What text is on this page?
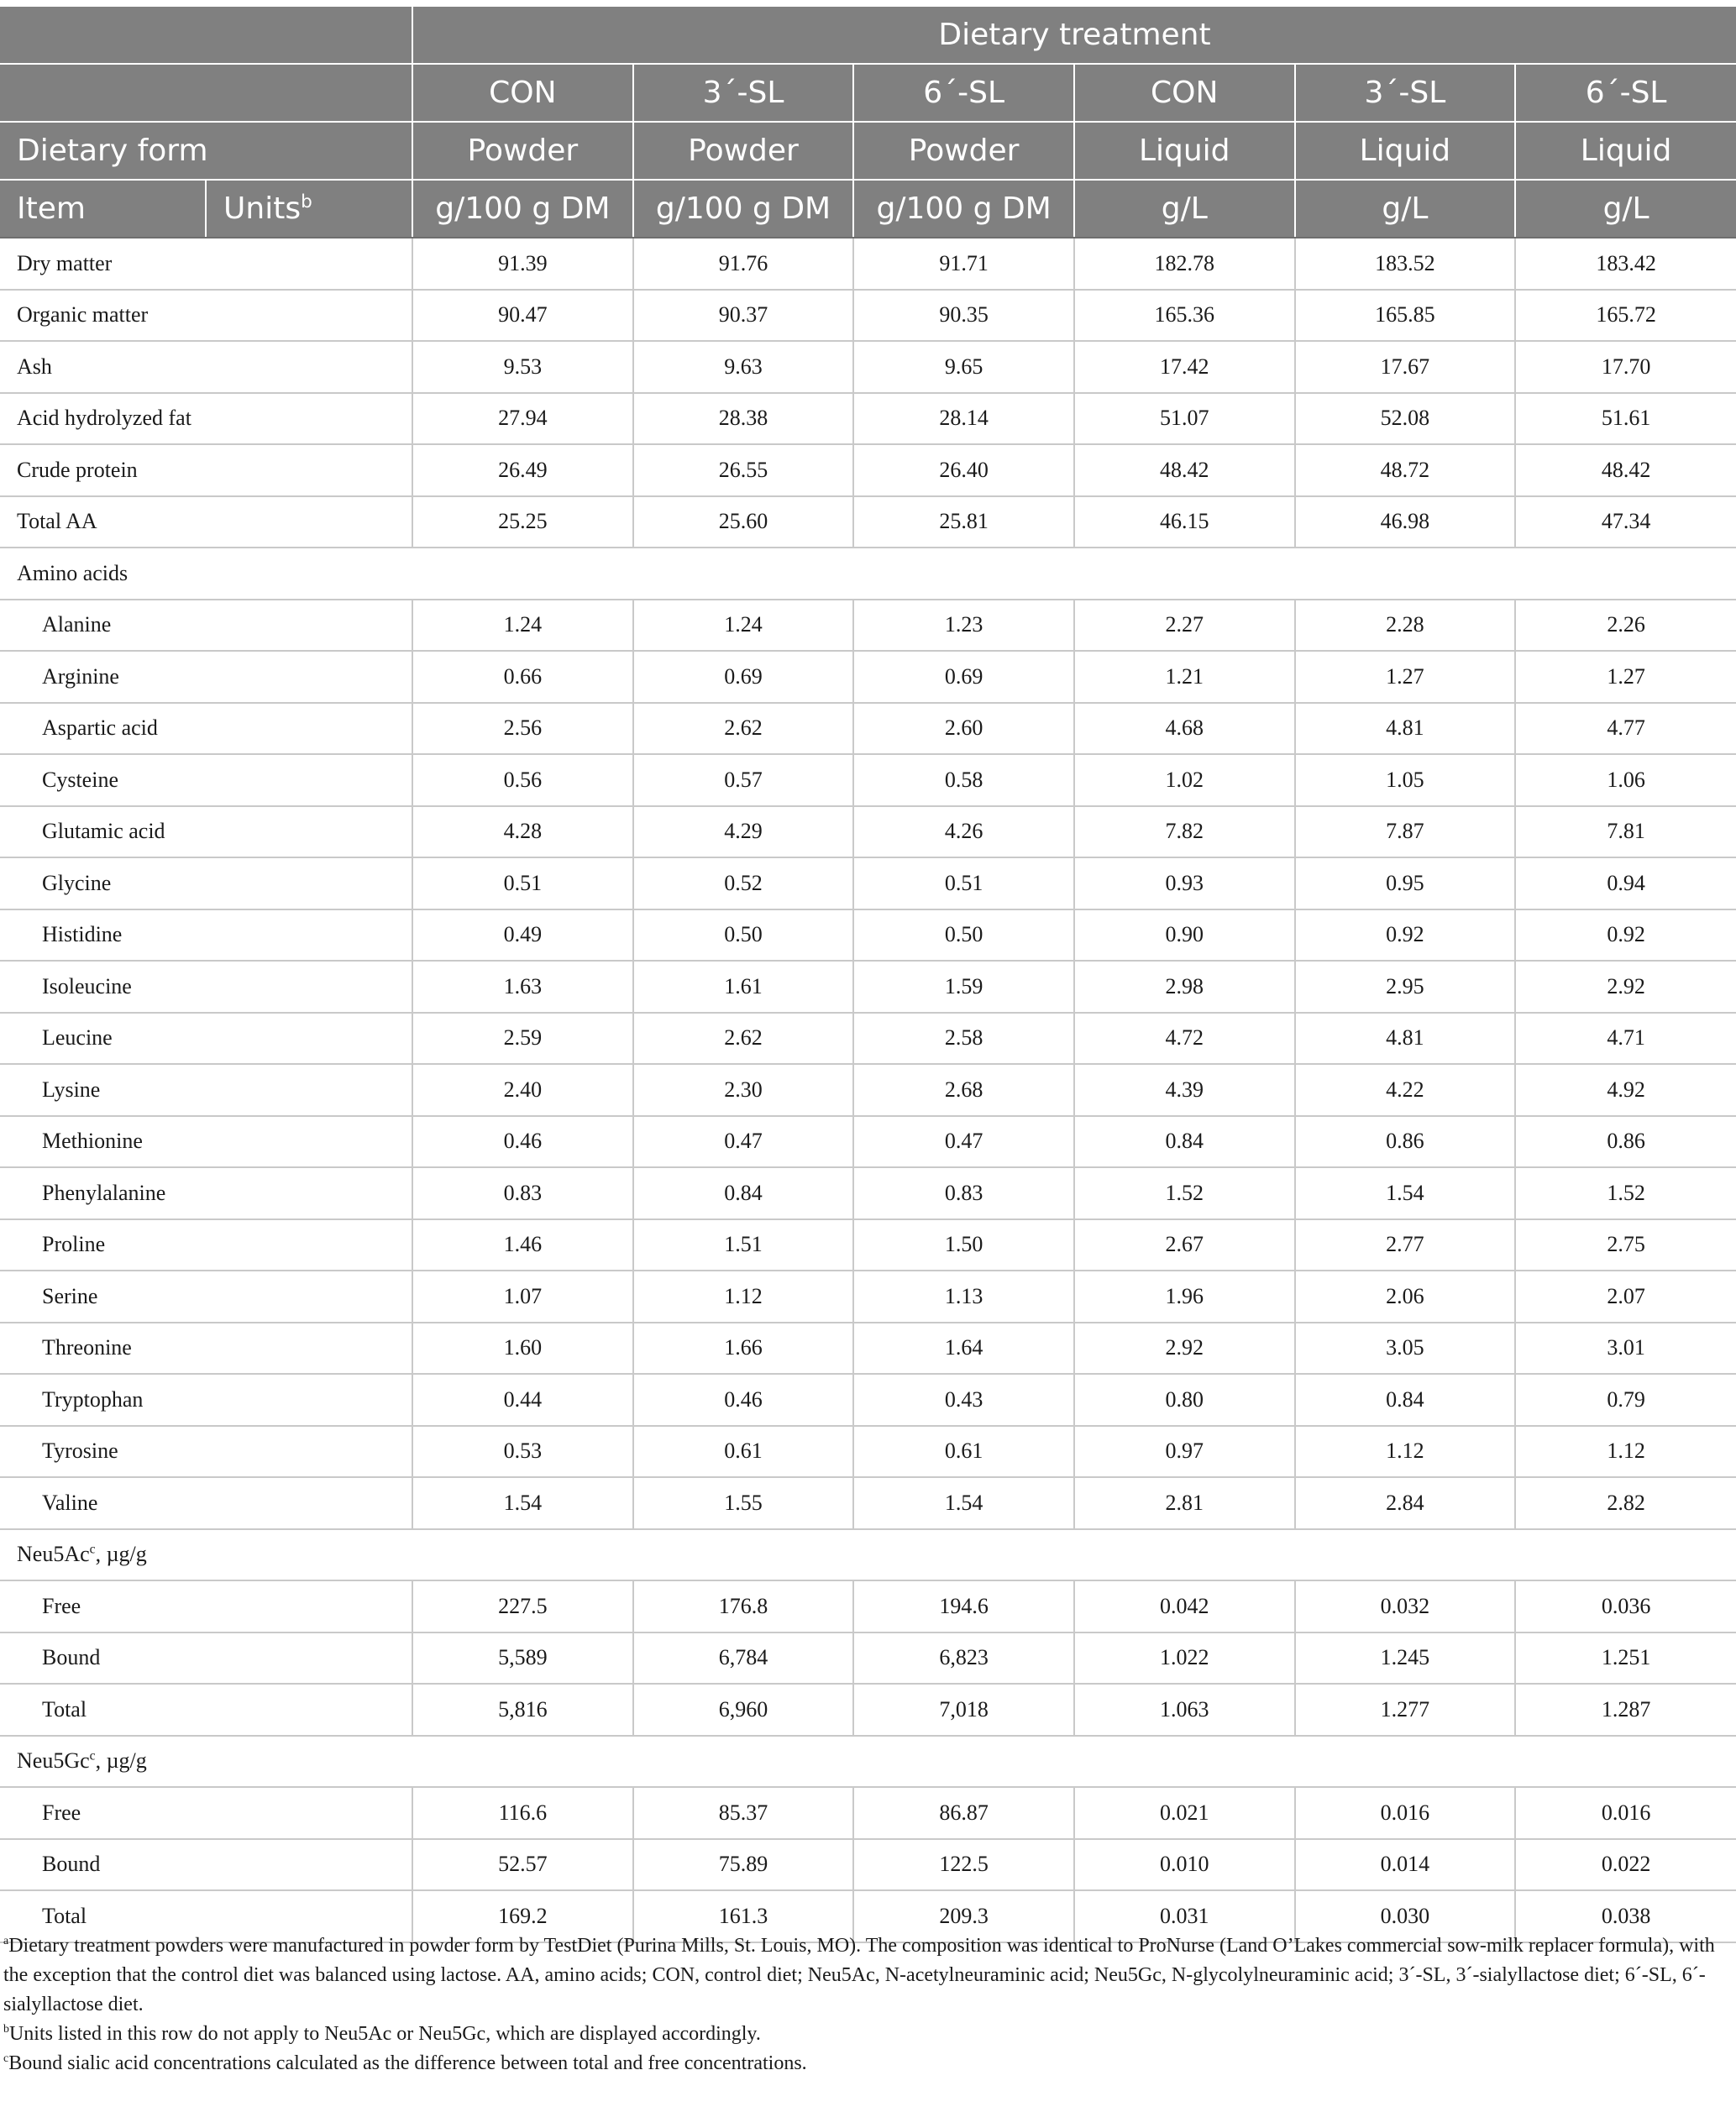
		Dietary treatment					
		CON	3´-SL	6´-SL	CON	3´-SL	6´-SL
Dietary form		Powder	Powder	Powder	Liquid	Liquid	Liquid
Item	Units$^b$	g/100 g DM	g/100 g DM	g/100 g DM	g/L	g/L	g/L
Dry matter		91.39	91.76	91.71	182.78	183.52	183.42
Organic matter		90.47	90.37	90.35	165.36	165.85	165.72
Ash		9.53	9.63	9.65	17.42	17.67	17.70
Acid hydrolyzed fat		27.94	28.38	28.14	51.07	52.08	51.61
Crude protein		26.49	26.55	26.40	48.42	48.72	48.42
Total AA		25.25	25.60	25.81	46.15	46.98	47.34
Amino acids							
Alanine		1.24	1.24	1.23	2.27	2.28	2.26
Arginine		0.66	0.69	0.69	1.21	1.27	1.27
Aspartic acid		2.56	2.62	2.60	4.68	4.81	4.77
Cysteine		0.56	0.57	0.58	1.02	1.05	1.06
Glutamic acid		4.28	4.29	4.26	7.82	7.87	7.81
Glycine		0.51	0.52	0.51	0.93	0.95	0.94
Histidine		0.49	0.50	0.50	0.90	0.92	0.92
Isoleucine		1.63	1.61	1.59	2.98	2.95	2.92
Leucine		2.59	2.62	2.58	4.72	4.81	4.71
Lysine		2.40	2.30	2.68	4.39	4.22	4.92
Methionine		0.46	0.47	0.47	0.84	0.86	0.86
Phenylalanine		0.83	0.84	0.83	1.52	1.54	1.52
Proline		1.46	1.51	1.50	2.67	2.77	2.75
Serine		1.07	1.12	1.13	1.96	2.06	2.07
Threonine		1.60	1.66	1.64	2.92	3.05	3.01
Tryptophan		0.44	0.46	0.43	0.80	0.84	0.79
Tyrosine		0.53	0.61	0.61	0.97	1.12	1.12
Valine		1.54	1.55	1.54	2.81	2.84	2.82
Neu5Ac$^c$, µg/g							
Free		227.5	176.8	194.6	0.042	0.032	0.036
Bound		5,589	6,784	6,823	1.022	1.245	1.251
Total		5,816	6,960	7,018	1.063	1.277	1.287
Neu5Gc$^c$, µg/g							
Free		116.6	85.37	86.87	0.021	0.016	0.016
Bound		52.57	75.89	122.5	0.010	0.014	0.022
Total		169.2	161.3	209.3	0.031	0.030	0.038

$^a$Dietary treatment powders were manufactured in powder form by TestDiet (Purina Mills, St. Louis, MO). The composition was identical to ProNurse (Land O’Lakes commercial sow-milk replacer formula), with the exception that the control diet was balanced using lactose. AA, amino acids; CON, control diet; Neu5Ac, N-acetylneuraminic acid; Neu5Gc, N-glycolylneuraminic acid; 3´-SL, 3´-sialyllactose diet; 6´-SL, 6´-sialyllactose diet.

$^b$Units listed in this row do not apply to Neu5Ac or Neu5Gc, which are displayed accordingly.

$^c$Bound sialic acid concentrations calculated as the difference between total and free concentrations.
